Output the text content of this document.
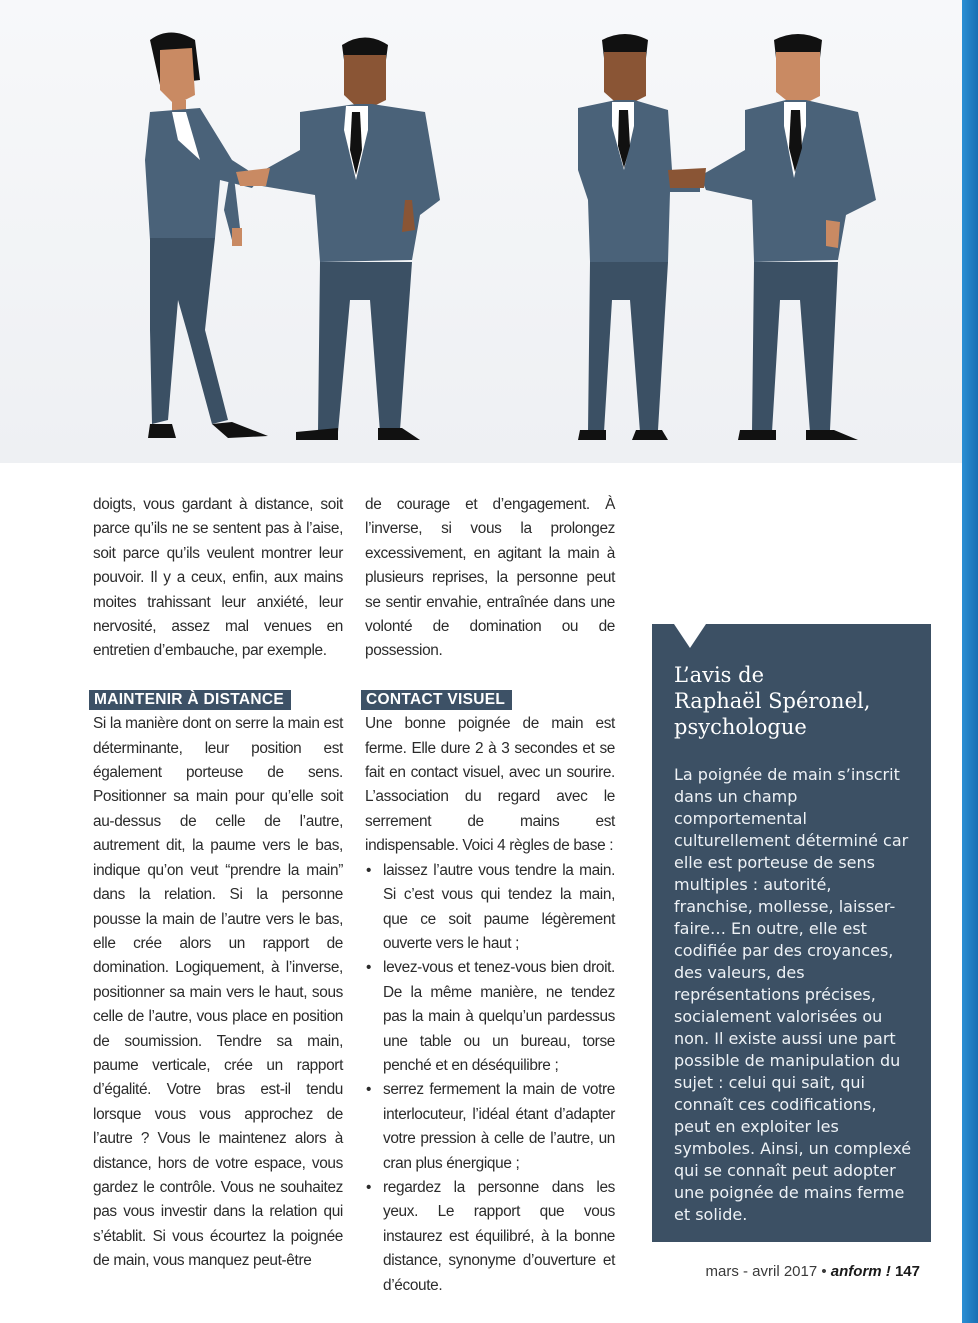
doigts, vous gardant à distance, soit parce qu’ils ne se sentent pas à l’aise, soit parce qu’ils veulent montrer leur pouvoir. Il y a ceux, enfin, aux mains moites trahissant leur anxiété, leur nervosité, assez mal venues en entretien d’embauche, par exemple.

MAINTENIR À DISTANCE

Si la manière dont on serre la main est déterminante, leur position est également porteuse de sens. Positionner sa main pour qu’elle soit au-dessus de celle de l’autre, autrement dit, la paume vers le bas, indique qu’on veut “prendre la main” dans la relation. Si la personne pousse la main de l’autre vers le bas, elle crée alors un rapport de domination. Logiquement, à l’inverse, positionner sa main vers le haut, sous celle de l’autre, vous place en position de soumission. Tendre sa main, paume verticale, crée un rapport d’égalité. Votre bras est-il tendu lorsque vous vous approchez de l’autre ? Vous le maintenez alors à distance, hors de votre espace, vous gardez le contrôle. Vous ne souhaitez pas vous investir dans la relation qui s’établit. Si vous écourtez la poignée de main, vous manquez peut-être

de courage et d’engagement. À l’inverse, si vous la prolongez excessivement, en agitant la main à plusieurs reprises, la personne peut se sentir envahie, entraînée dans une volonté de domination ou de possession.

CONTACT VISUEL

Une bonne poignée de main est ferme. Elle dure 2 à 3 secondes et se fait en contact visuel, avec un sourire. L’association du regard avec le serrement de mains est indispensable. Voici 4 règles de base :

• laissez l’autre vous tendre la main. Si c’est vous qui tendez la main, que ce soit paume légèrement ouverte vers le haut ;
• levez-vous et tenez-vous bien droit. De la même manière, ne tendez pas la main à quelqu’un pardessus une table ou un bureau, torse penché et en déséquilibre ;
• serrez fermement la main de votre interlocuteur, l’idéal étant d’adapter votre pression à celle de l’autre, un cran plus énergique ;
• regardez la personne dans les yeux. Le rapport que vous instaurez est équilibré, à la bonne distance, synonyme d’ouverture et d’écoute.
L’avis de
Raphaël Spéronel,
psychologue

La poignée de main s’inscrit dans un champ comportemental culturellement déterminé car elle est porteuse de sens multiples : autorité, franchise, mollesse, laisser-faire… En outre, elle est codifiée par des croyances, des valeurs, des représentations précises, socialement valorisées ou non. Il existe aussi une part possible de manipulation du sujet : celui qui sait, qui connaît ces codifications, peut en exploiter les symboles. Ainsi, un complexé qui se connaît peut adopter une poignée de mains ferme et solide.

mars - avril 2017 • anform ! 147
